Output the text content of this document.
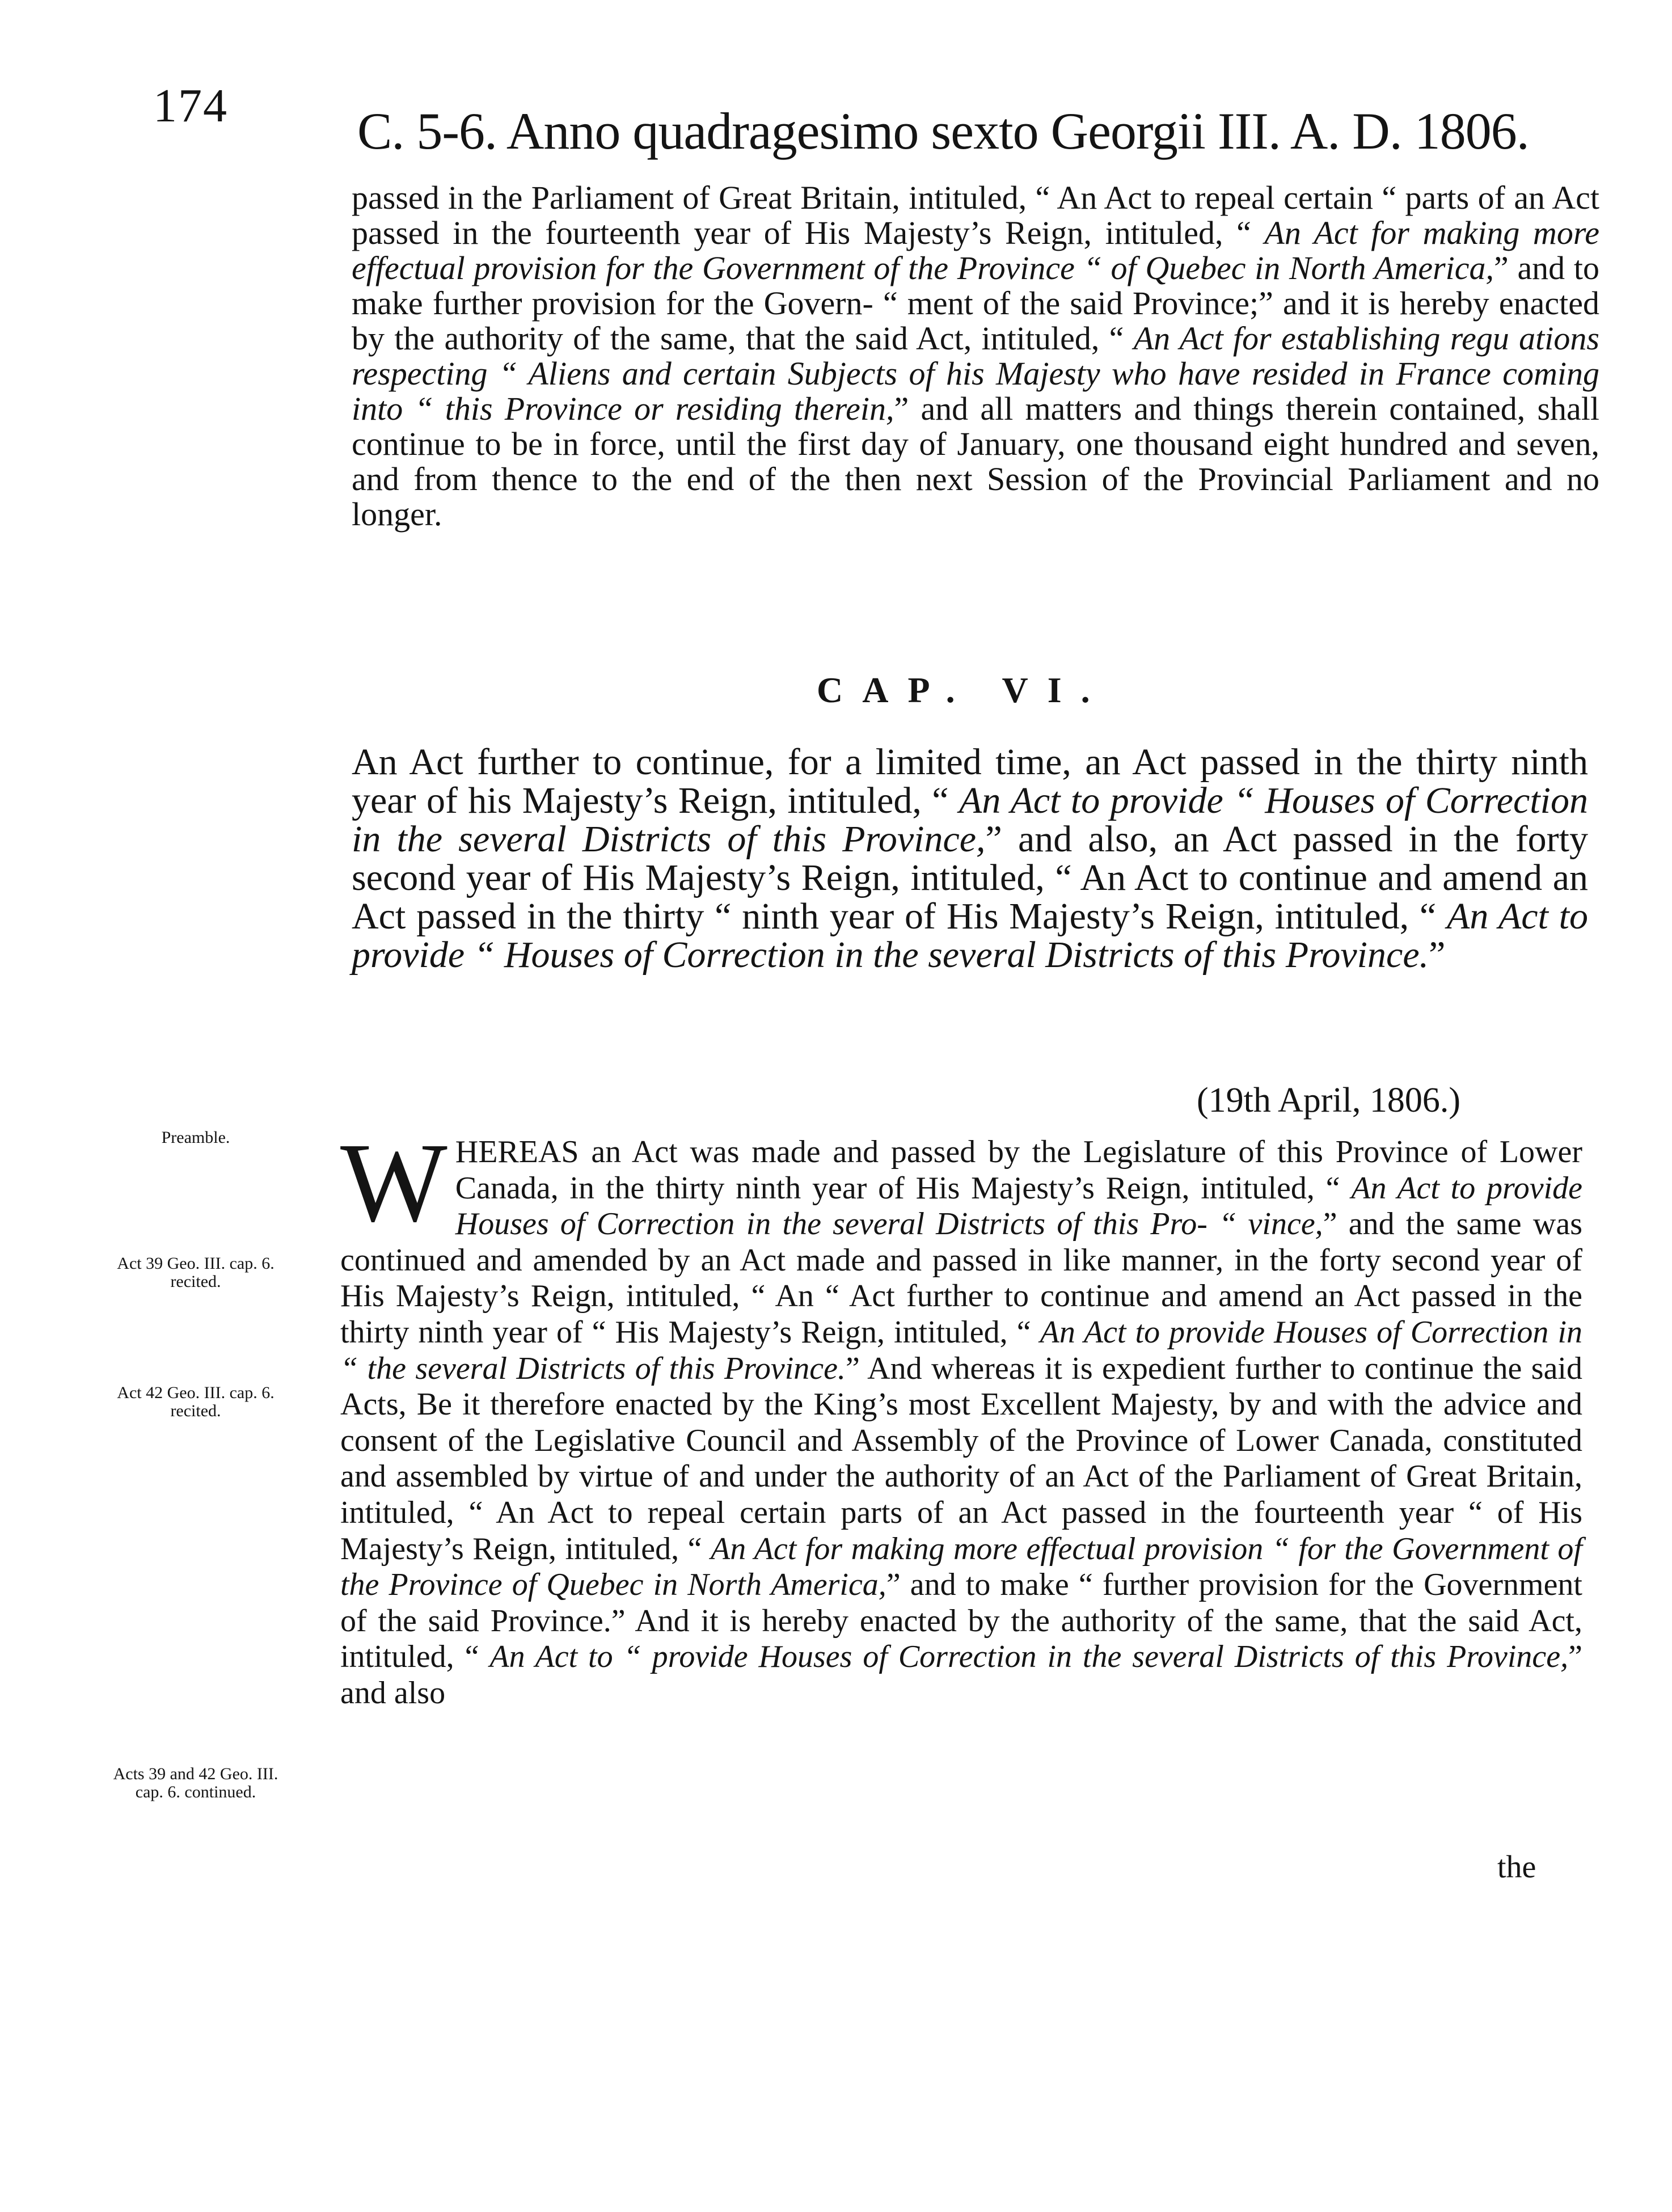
174 C. 5-6. Anno quadragesimo sexto Georgii III. A. D. 1806.

passed in the Parliament of Great Britain, intituled, “ An Act to repeal certain “ parts of an Act passed in the fourteenth year of His Majesty’s Reign, intituled, “ An Act for making more effectual provision for the Government of the Province “ of Quebec in North America,” and to make further provision for the Govern- “ ment of the said Province;” and it is hereby enacted by the authority of the same, that the said Act, intituled, “ An Act for establishing regu ations respecting “ Aliens and certain Subjects of his Majesty who have resided in France coming into “ this Province or residing therein,” and all matters and things therein contained, shall continue to be in force, until the first day of January, one thousand eight hundred and seven, and from thence to the end of the then next Session of the Provincial Parliament and no longer.

CAP. VI.
An Act further to continue, for a limited time, an Act passed in the thirty ninth year of his Majesty’s Reign, intituled, “ An Act to provide “ Houses of Correction in the several Districts of this Province,” and also, an Act passed in the forty second year of His Majesty’s Reign, intituled, “ An Act to continue and amend an Act passed in the thirty “ ninth year of His Majesty’s Reign, intituled, “ An Act to provide “ Houses of Correction in the several Districts of this Province.”
(19th April, 1806.)
Preamble.
Act 39 Geo. III. cap. 6. recited.
Act 42 Geo. III. cap. 6. recited.
Acts 39 and 42 Geo. III. cap. 6. continued.
W HEREAS an Act was made and passed by the Legislature of this Province of Lower Canada, in the thirty ninth year of His Majesty’s Reign, intituled, “ An Act to provide Houses of Correction in the several Districts of this Pro- “ vince,” and the same was continued and amended by an Act made and passed in like manner, in the forty second year of His Majesty’s Reign, intituled, “ An “ Act further to continue and amend an Act passed in the thirty ninth year of “ His Majesty’s Reign, intituled, “ An Act to provide Houses of Correction in “ the several Districts of this Province.” And whereas it is expedient further to continue the said Acts, Be it therefore enacted by the King’s most Excellent Majesty, by and with the advice and consent of the Legislative Council and Assembly of the Province of Lower Canada, constituted and assembled by virtue of and under the authority of an Act of the Parliament of Great Britain, intituled, “ An Act to repeal certain parts of an Act passed in the fourteenth year “ of His Majesty’s Reign, intituled, “ An Act for making more effectual provision “ for the Government of the Province of Quebec in North America,” and to make “ further provision for the Government of the said Province.” And it is hereby enacted by the authority of the same, that the said Act, intituled, “ An Act to “ provide Houses of Correction in the several Districts of this Province,” and also
the
